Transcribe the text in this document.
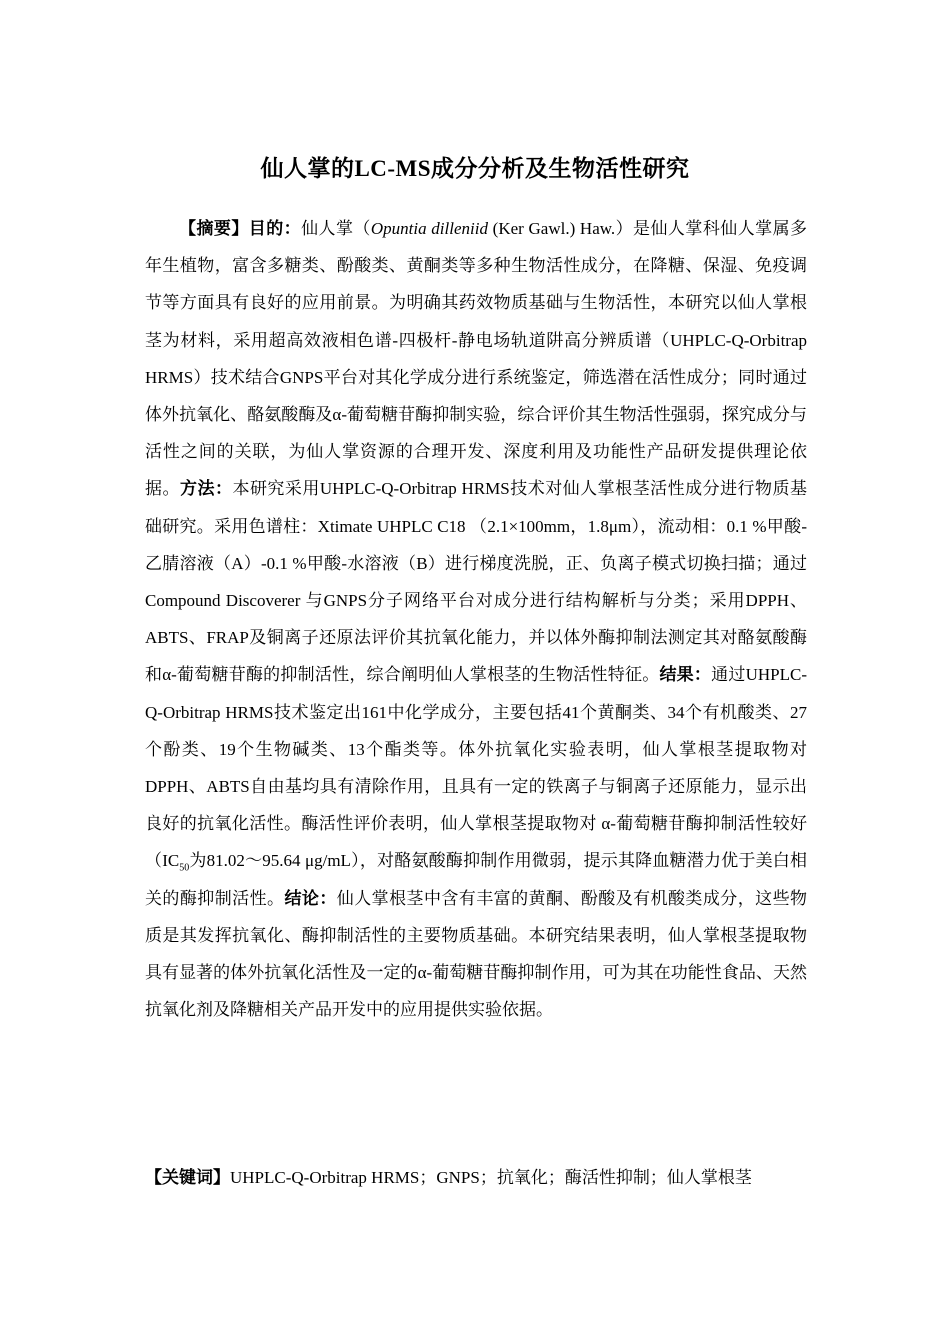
仙人掌的LC-MS成分分析及生物活性研究

【摘要】目的：仙人掌（Opuntia dilleniid (Ker Gawl.) Haw.）是仙人掌科仙人掌属多年生植物，富含多糖类、酚酸类、黄酮类等多种生物活性成分，在降糖、保湿、免疫调节等方面具有良好的应用前景。为明确其药效物质基础与生物活性，本研究以仙人掌根茎为材料，采用超高效液相色谱-四极杆-静电场轨道阱高分辨质谱（UHPLC-Q-Orbitrap HRMS）技术结合GNPS平台对其化学成分进行系统鉴定，筛选潜在活性成分；同时通过体外抗氧化、酪氨酸酶及α-葡萄糖苷酶抑制实验，综合评价其生物活性强弱，探究成分与活性之间的关联，为仙人掌资源的合理开发、深度利用及功能性产品研发提供理论依据。方法：本研究采用UHPLC-Q-Orbitrap HRMS技术对仙人掌根茎活性成分进行物质基础研究。采用色谱柱：Xtimate UHPLC C18 （2.1×100mm，1.8μm），流动相：0.1 %甲酸-乙腈溶液（A）-0.1 %甲酸-水溶液（B）进行梯度洗脱，正、负离子模式切换扫描；通过Compound Discoverer 与GNPS分子网络平台对成分进行结构解析与分类；采用DPPH、ABTS、FRAP及铜离子还原法评价其抗氧化能力，并以体外酶抑制法测定其对酪氨酸酶和α-葡萄糖苷酶的抑制活性，综合阐明仙人掌根茎的生物活性特征。结果：通过UHPLC-Q-Orbitrap HRMS技术鉴定出161中化学成分，主要包括41个黄酮类、34个有机酸类、27个酚类、19个生物碱类、13个酯类等。体外抗氧化实验表明，仙人掌根茎提取物对DPPH、ABTS自由基均具有清除作用，且具有一定的铁离子与铜离子还原能力，显示出良好的抗氧化活性。酶活性评价表明，仙人掌根茎提取物对 α-葡萄糖苷酶抑制活性较好（$IC_{50}$为81.02～95.64 μg/mL），对酪氨酸酶抑制作用微弱，提示其降血糖潜力优于美白相关的酶抑制活性。结论：仙人掌根茎中含有丰富的黄酮、酚酸及有机酸类成分，这些物质是其发挥抗氧化、酶抑制活性的主要物质基础。本研究结果表明，仙人掌根茎提取物具有显著的体外抗氧化活性及一定的α-葡萄糖苷酶抑制作用，可为其在功能性食品、天然抗氧化剂及降糖相关产品开发中的应用提供实验依据。

【关键词】UHPLC-Q-Orbitrap HRMS；GNPS；抗氧化；酶活性抑制；仙人掌根茎
